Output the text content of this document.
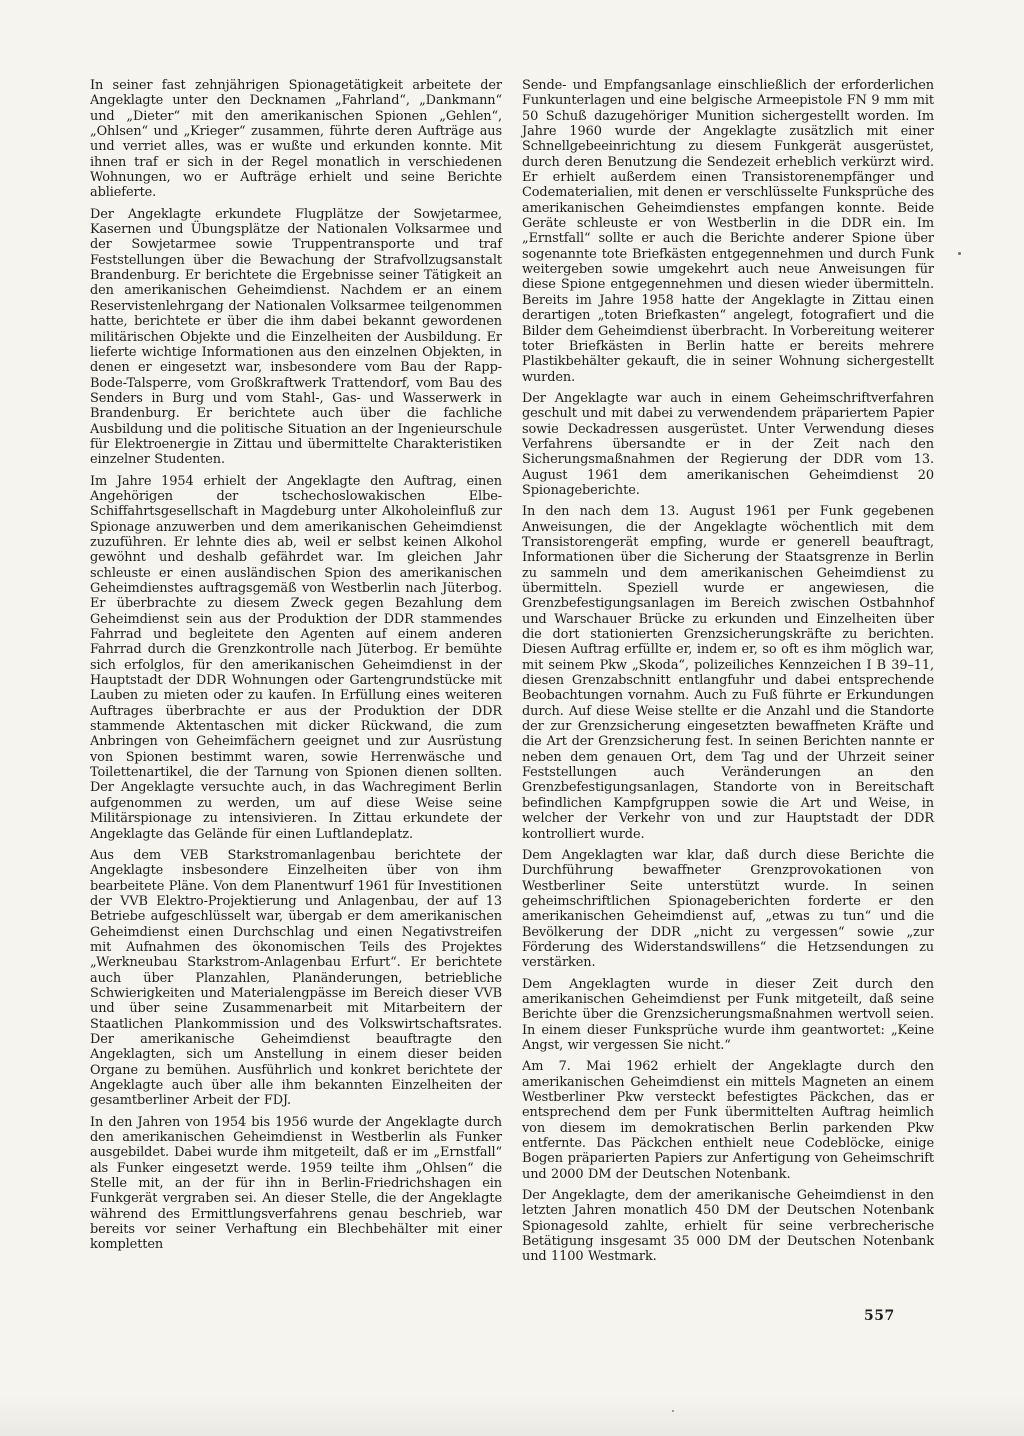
In seiner fast zehnjährigen Spionagetätigkeit arbeitete der Angeklagte unter den Decknamen „Fahrland“, „Dankmann“ und „Dieter“ mit den amerikanischen Spionen „Gehlen“, „Ohlsen“ und „Krieger“ zusammen, führte deren Aufträge aus und verriet alles, was er wußte und erkunden konnte. Mit ihnen traf er sich in der Regel monatlich in verschiedenen Wohnungen, wo er Aufträge erhielt und seine Berichte ablieferte.

Der Angeklagte erkundete Flugplätze der Sowjetarmee, Kasernen und Übungsplätze der Nationalen Volksarmee und der Sowjetarmee sowie Truppentransporte und traf Feststellungen über die Bewachung der Strafvollzugsanstalt Brandenburg. Er berichtete die Ergebnisse seiner Tätigkeit an den amerikanischen Geheimdienst. Nachdem er an einem Reservistenlehrgang der Nationalen Volksarmee teilgenommen hatte, berichtete er über die ihm dabei bekannt gewordenen militärischen Objekte und die Einzelheiten der Ausbildung. Er lieferte wichtige Informationen aus den einzelnen Objekten, in denen er eingesetzt war, insbesondere vom Bau der Rapp-Bode-Talsperre, vom Großkraftwerk Trattendorf, vom Bau des Senders in Burg und vom Stahl-, Gas- und Wasserwerk in Brandenburg. Er berichtete auch über die fachliche Ausbildung und die politische Situation an der Ingenieurschule für Elektroenergie in Zittau und übermittelte Charakteristiken einzelner Studenten.

Im Jahre 1954 erhielt der Angeklagte den Auftrag, einen Angehörigen der tschechoslowakischen Elbe-Schiffahrtsgesellschaft in Magdeburg unter Alkoholeinfluß zur Spionage anzuwerben und dem amerikanischen Geheimdienst zuzuführen. Er lehnte dies ab, weil er selbst keinen Alkohol gewöhnt und deshalb gefährdet war. Im gleichen Jahr schleuste er einen ausländischen Spion des amerikanischen Geheimdienstes auftragsgemäß von Westberlin nach Jüterbog. Er überbrachte zu diesem Zweck gegen Bezahlung dem Geheimdienst sein aus der Produktion der DDR stammendes Fahrrad und begleitete den Agenten auf einem anderen Fahrrad durch die Grenzkontrolle nach Jüterbog. Er bemühte sich erfolglos, für den amerikanischen Geheimdienst in der Hauptstadt der DDR Wohnungen oder Gartengrundstücke mit Lauben zu mieten oder zu kaufen. In Erfüllung eines weiteren Auftrages überbrachte er aus der Produktion der DDR stammende Aktentaschen mit dicker Rückwand, die zum Anbringen von Geheimfächern geeignet und zur Ausrüstung von Spionen bestimmt waren, sowie Herrenwäsche und Toilettenartikel, die der Tarnung von Spionen dienen sollten. Der Angeklagte versuchte auch, in das Wachregiment Berlin aufgenommen zu werden, um auf diese Weise seine Militärspionage zu intensivieren. In Zittau erkundete der Angeklagte das Gelände für einen Luftlandeplatz.

Aus dem VEB Starkstromanlagenbau berichtete der Angeklagte insbesondere Einzelheiten über von ihm bearbeitete Pläne. Von dem Planentwurf 1961 für Investitionen der VVB Elektro-Projektierung und Anlagenbau, der auf 13 Betriebe aufgeschlüsselt war, übergab er dem amerikanischen Geheimdienst einen Durchschlag und einen Negativstreifen mit Aufnahmen des ökonomischen Teils des Projektes „Werkneubau Starkstrom-Anlagenbau Erfurt“. Er berichtete auch über Planzahlen, Planänderungen, betriebliche Schwierigkeiten und Materialengpässe im Bereich dieser VVB und über seine Zusammenarbeit mit Mitarbeitern der Staatlichen Plankommission und des Volkswirtschaftsrates. Der amerikanische Geheimdienst beauftragte den Angeklagten, sich um Anstellung in einem dieser beiden Organe zu bemühen. Ausführlich und konkret berichtete der Angeklagte auch über alle ihm bekannten Einzelheiten der gesamtberliner Arbeit der FDJ.

In den Jahren von 1954 bis 1956 wurde der Angeklagte durch den amerikanischen Geheimdienst in Westberlin als Funker ausgebildet. Dabei wurde ihm mitgeteilt, daß er im „Ernstfall“ als Funker eingesetzt werde. 1959 teilte ihm „Ohlsen“ die Stelle mit, an der für ihn in Berlin-Friedrichshagen ein Funkgerät vergraben sei. An dieser Stelle, die der Angeklagte während des Ermittlungsverfahrens genau beschrieb, war bereits vor seiner Verhaftung ein Blechbehälter mit einer kompletten

Sende- und Empfangsanlage einschließlich der erforderlichen Funkunterlagen und eine belgische Armeepistole FN 9 mm mit 50 Schuß dazugehöriger Munition sichergestellt worden. Im Jahre 1960 wurde der Angeklagte zusätzlich mit einer Schnellgebeeinrichtung zu diesem Funkgerät ausgerüstet, durch deren Benutzung die Sendezeit erheblich verkürzt wird. Er erhielt außerdem einen Transistorenempfänger und Codematerialien, mit denen er verschlüsselte Funksprüche des amerikanischen Geheimdienstes empfangen konnte. Beide Geräte schleuste er von Westberlin in die DDR ein. Im „Ernstfall“ sollte er auch die Berichte anderer Spione über sogenannte tote Briefkästen entgegennehmen und durch Funk weitergeben sowie umgekehrt auch neue Anweisungen für diese Spione entgegennehmen und diesen wieder übermitteln. Bereits im Jahre 1958 hatte der Angeklagte in Zittau einen derartigen „toten Briefkasten“ angelegt, fotografiert und die Bilder dem Geheimdienst überbracht. In Vorbereitung weiterer toter Briefkästen in Berlin hatte er bereits mehrere Plastikbehälter gekauft, die in seiner Wohnung sichergestellt wurden.

Der Angeklagte war auch in einem Geheimschriftverfahren geschult und mit dabei zu verwendendem präpariertem Papier sowie Deckadressen ausgerüstet. Unter Verwendung dieses Verfahrens übersandte er in der Zeit nach den Sicherungsmaßnahmen der Regierung der DDR vom 13. August 1961 dem amerikanischen Geheimdienst 20 Spionageberichte.

In den nach dem 13. August 1961 per Funk gegebenen Anweisungen, die der Angeklagte wöchentlich mit dem Transistorengerät empfing, wurde er generell beauftragt, Informationen über die Sicherung der Staatsgrenze in Berlin zu sammeln und dem amerikanischen Geheimdienst zu übermitteln. Speziell wurde er angewiesen, die Grenzbefestigungsanlagen im Bereich zwischen Ostbahnhof und Warschauer Brücke zu erkunden und Einzelheiten über die dort stationierten Grenzsicherungskräfte zu berichten. Diesen Auftrag erfüllte er, indem er, so oft es ihm möglich war, mit seinem Pkw „Skoda“, polizeiliches Kennzeichen I B 39–11, diesen Grenzabschnitt entlangfuhr und dabei entsprechende Beobachtungen vornahm. Auch zu Fuß führte er Erkundungen durch. Auf diese Weise stellte er die Anzahl und die Standorte der zur Grenzsicherung eingesetzten bewaffneten Kräfte und die Art der Grenzsicherung fest. In seinen Berichten nannte er neben dem genauen Ort, dem Tag und der Uhrzeit seiner Feststellungen auch Veränderungen an den Grenzbefestigungsanlagen, Standorte von in Bereitschaft befindlichen Kampfgruppen sowie die Art und Weise, in welcher der Verkehr von und zur Hauptstadt der DDR kontrolliert wurde.

Dem Angeklagten war klar, daß durch diese Berichte die Durchführung bewaffneter Grenzprovokationen von Westberliner Seite unterstützt wurde. In seinen geheimschriftlichen Spionageberichten forderte er den amerikanischen Geheimdienst auf, „etwas zu tun“ und die Bevölkerung der DDR „nicht zu vergessen“ sowie „zur Förderung des Widerstandswillens“ die Hetzsendungen zu verstärken.

Dem Angeklagten wurde in dieser Zeit durch den amerikanischen Geheimdienst per Funk mitgeteilt, daß seine Berichte über die Grenzsicherungsmaßnahmen wertvoll seien. In einem dieser Funksprüche wurde ihm geantwortet: „Keine Angst, wir vergessen Sie nicht.“

Am 7. Mai 1962 erhielt der Angeklagte durch den amerikanischen Geheimdienst ein mittels Magneten an einem Westberliner Pkw versteckt befestigtes Päckchen, das er entsprechend dem per Funk übermittelten Auftrag heimlich von diesem im demokratischen Berlin parkenden Pkw entfernte. Das Päckchen enthielt neue Codeblöcke, einige Bogen präparierten Papiers zur Anfertigung von Geheimschrift und 2000 DM der Deutschen Notenbank.

Der Angeklagte, dem der amerikanische Geheimdienst in den letzten Jahren monatlich 450 DM der Deutschen Notenbank Spionagesold zahlte, erhielt für seine verbrecherische Betätigung insgesamt 35 000 DM der Deutschen Notenbank und 1100 Westmark.

557
